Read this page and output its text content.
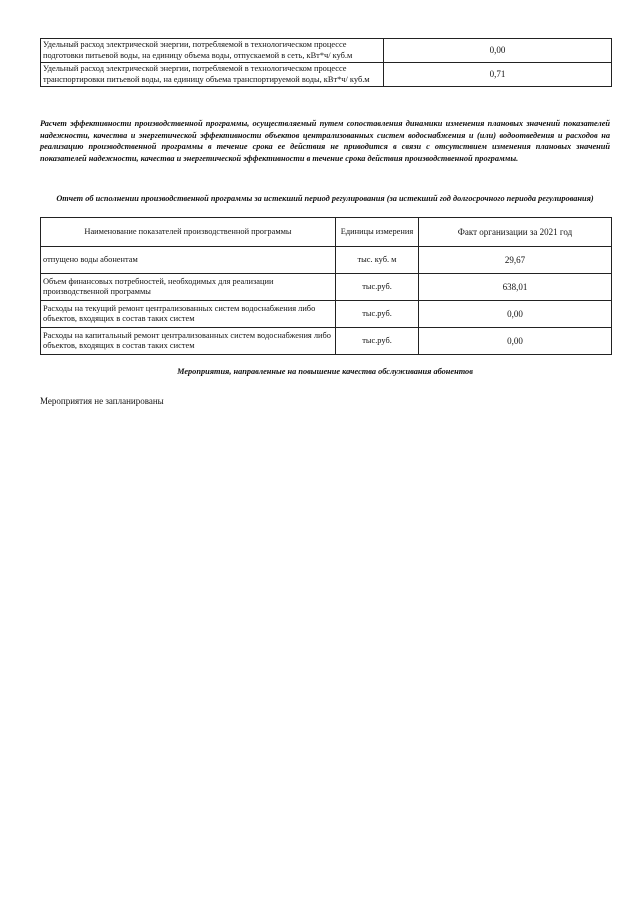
Удельный расход электрической энергии, потребляемой в технологическом процессе подготовки питьевой воды, на единицу объема воды, отпускаемой в сеть, кВт*ч/ куб.м	0,00
Удельный расход электрической энергии, потребляемой в технологическом процессе транспортировки питьевой воды, на единицу объема транспортируемой воды, кВт*ч/ куб.м	0,71

Расчет эффективности производственной программы, осуществляемый путем сопоставления динамики изменения плановых значений показателей надежности, качества и энергетической эффективности объектов централизованных систем водоснабжения и (или) водоотведения и расходов на реализацию производственной программы в течение срока ее действия не приводится в связи с отсутствием изменения плановых значений показателей надежности, качества и энергетической эффективности в течение срока действия производственной программы.

Отчет об исполнении производственной программы за истекший период регулирования (за истекший год долгосрочного периода регулирования)

Наименование показателей производственной программы	Единицы измерения	Факт организации за 2021 год
отпущено воды абонентам	тыс. куб. м	29,67
Объем финансовых потребностей, необходимых для реализации производственной программы	тыс.руб.	638,01
Расходы на текущий ремонт централизованных систем водоснабжения либо объектов, входящих в состав таких систем	тыс.руб.	0,00
Расходы на капитальный ремонт централизованных систем водоснабжения либо объектов, входящих в состав таких систем	тыс.руб.	0,00

Мероприятия, направленные на повышение качества обслуживания абонентов

Мероприятия не запланированы
